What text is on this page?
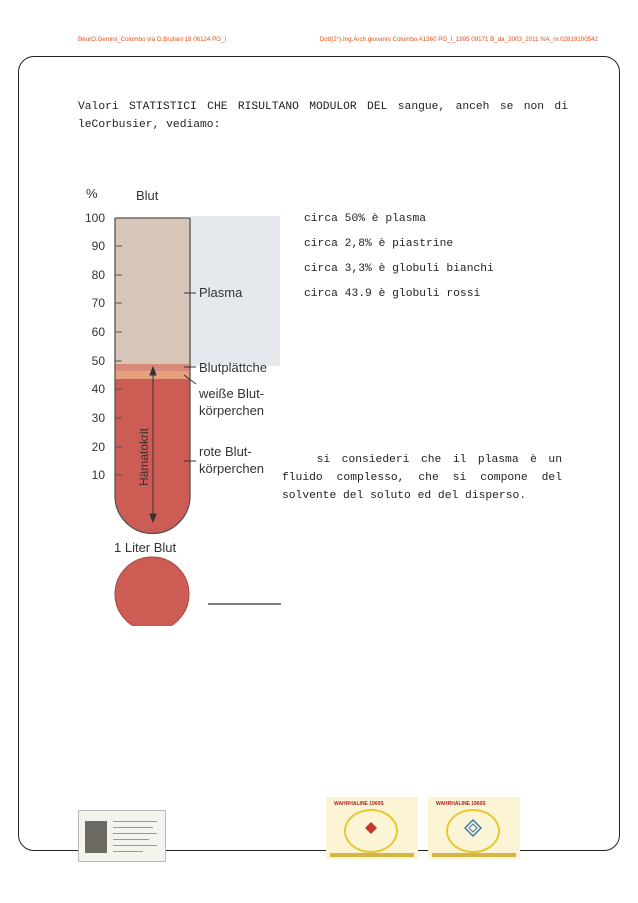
BeurO.Gemini_Colombo via G.Brufani 18 06124 PG_I	Dott(2°).Ing.Arch.giovanni Colombo A1360 PG_I_1995 09171 B_da_2003_2011 IVA_nr.02819100542
Valori STATISTICI CHE RISULTANO MODULOR DEL sangue, anceh se non di leCorbusier, vediamo:
100
90
80
70
60
50
40
30
20
10
%	Blut
Hämatokrit
Plasma
Blutplättche
weiße Blut-
körperchen
rote Blut-
körperchen
1 Liter Blut
circa 50% è plasma
circa 2,8% è piastrine
circa 3,3% è globuli bianchi
circa 43.9 è globuli rossi
si consiederi che il plasma è un fluido complesso, che si compone del solvente del soluto ed del disperso.
WAHRHALINE 1960S	WAHRHALINE 1960S
